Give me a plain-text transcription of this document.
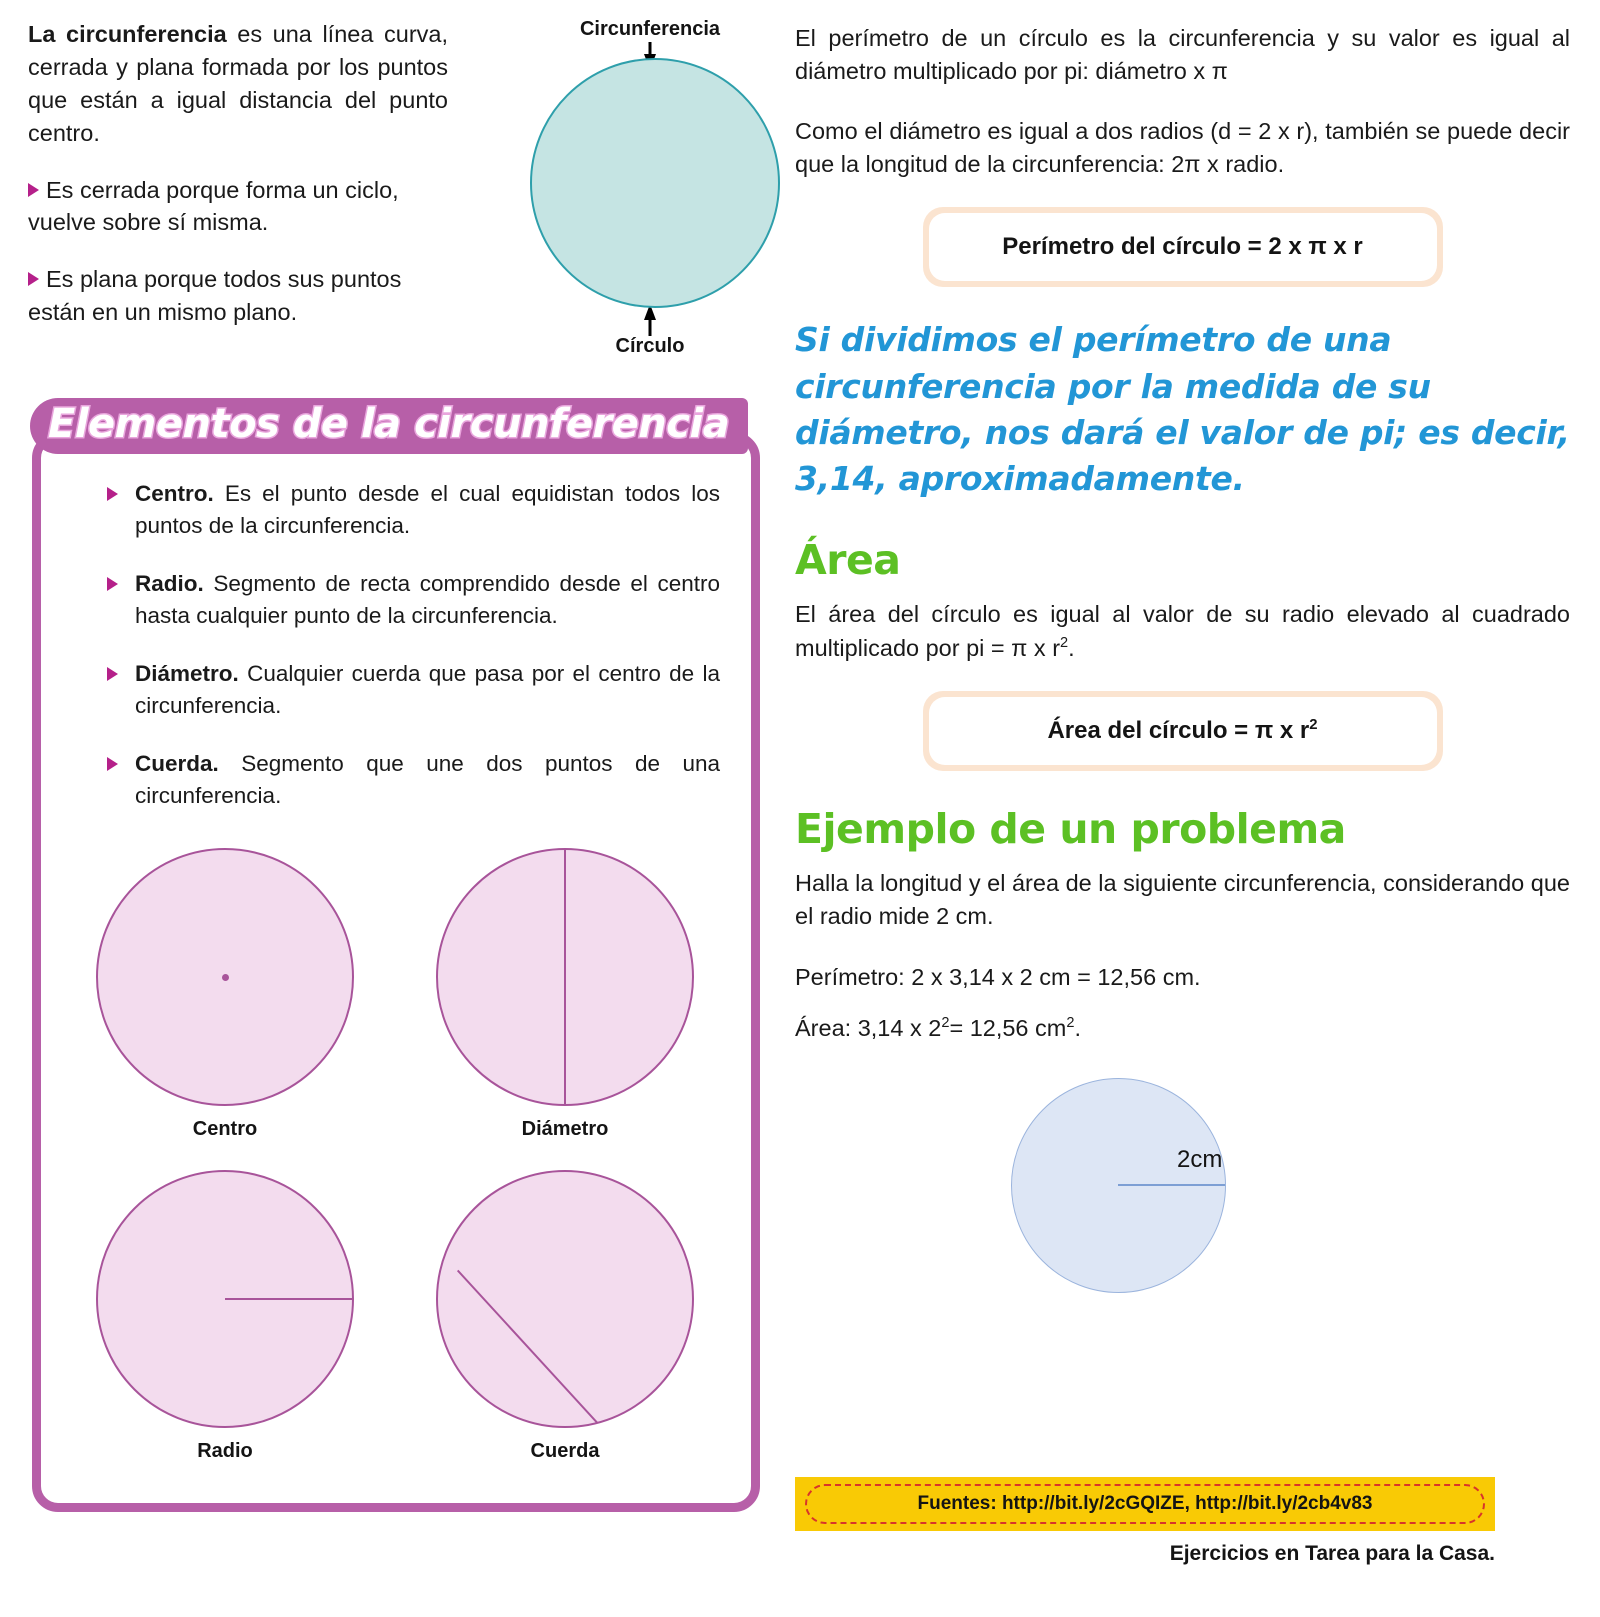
La circunferencia es una línea curva, cerrada y plana formada por los puntos que están a igual distancia del punto centro.

Es cerrada porque forma un ciclo, vuelve sobre sí misma.

Es plana porque todos sus puntos están en un mismo plano.

Circunferencia
Círculo
Elementos de la circunferencia

Centro. Es el punto desde el cual equidistan todos los puntos de la circunferencia.

Radio. Segmento de recta comprendido desde el centro hasta cualquier punto de la circunferencia.

Diámetro. Cualquier cuerda que pasa por el centro de la circunferencia.

Cuerda. Segmento que une dos puntos de una circunferencia.

Centro	Diámetro
Radio	Cuerda

El perímetro de un círculo es la circunferencia y su valor es igual al diámetro multiplicado por pi: diámetro x π

Como el diámetro es igual a dos radios (d = 2 x r), también se puede decir que la longitud de la circunferencia: 2π x radio.

Perímetro del círculo = 2 x π x r

Si dividimos el perímetro de una circunferencia por la medida de su diámetro, nos dará el valor de pi; es decir, 3,14, aproximadamente.

Área

El área del círculo es igual al valor de su radio elevado al cuadrado multiplicado por pi = π x $r^2$.

Área del círculo = π x $r^2$
Ejemplo de un problema

Halla la longitud y el área de la siguiente circunferencia, considerando que el radio mide 2 cm.

Perímetro: 2 x 3,14 x 2 cm = 12,56 cm.

Área: 3,14 x $2^2= 12,56$ $cm^2$.

2cm
Fuentes: http://bit.ly/2cGQIZE, http://bit.ly/2cb4v83
Ejercicios en Tarea para la Casa.
